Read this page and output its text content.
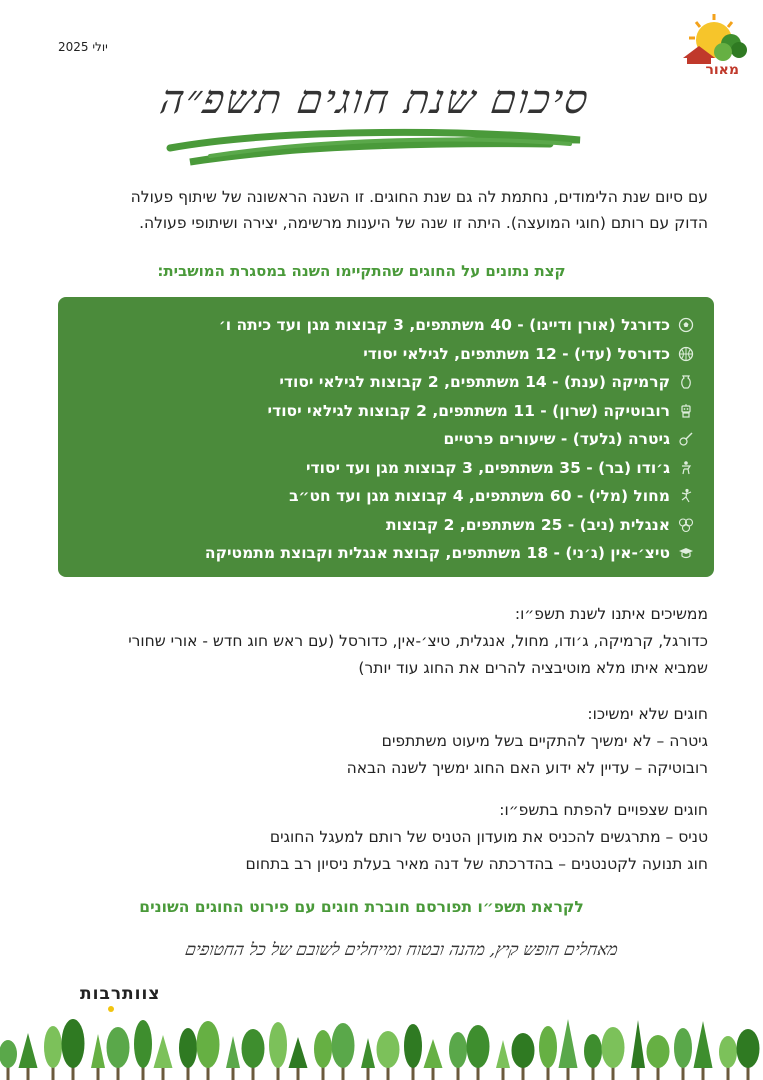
יולי 2025
מאור
סיכום שנת חוגים תשפ״ה
עם סיום שנת הלימודים, נחתמת לה גם שנת החוגים. זו השנה הראשונה של שיתוף פעולה
הדוק עם רותם (חוגי המועצה). היתה זו שנה של היענות מרשימה, יצירה ושיתופי פעולה.
קצת נתונים על החוגים שהתקיימו השנה במסגרת המושבית:
כדורגל (אורן ודייגו) - 40 משתתפים, 3 קבוצות מגן ועד כיתה ו׳
כדורסל (עדי) - 12 משתתפים, לגילאי יסודי
קרמיקה (ענת) - 14 משתתפים, 2 קבוצות לגילאי יסודי
רובוטיקה (שרון) - 11 משתתפים, 2 קבוצות לגילאי יסודי
גיטרה (גלעד) - שיעורים פרטיים
ג׳ודו (בר) - 35 משתתפים, 3 קבוצות מגן ועד יסודי
מחול (מלי) - 60 משתתפים, 4 קבוצות מגן ועד חט״ב
אנגלית (ניב) - 25 משתתפים, 2 קבוצות
טיצ׳-אין (ג׳ני) - 18 משתתפים, קבוצת אנגלית וקבוצת מתמטיקה
ממשיכים איתנו לשנת תשפ״ו:
כדורגל, קרמיקה, ג׳ודו, מחול, אנגלית, טיצ׳-אין, כדורסל (עם ראש חוג חדש - אורי שחורי
שמביא איתו מלא מוטיבציה להרים את החוג עוד יותר)
חוגים שלא ימשיכו:
גיטרה – לא ימשיך להתקיים בשל מיעוט משתתפים
רובוטיקה – עדיין לא ידוע האם החוג ימשיך לשנה הבאה
חוגים שצפויים להפתח בתשפ״ו:
טניס – מתרגשים להכניס את מועדון הטניס של רותם למעגל החוגים
חוג תנועה לקטנטנים – בהדרכתה של דנה מאיר בעלת ניסיון רב בתחום
לקראת תשפ״ו תפורסם חוברת חוגים עם פירוט החוגים השונים
מאחלים חופש קיץ, מהנה ובטוח ומייחלים לשובם של כל החטופים
צוותרבות
